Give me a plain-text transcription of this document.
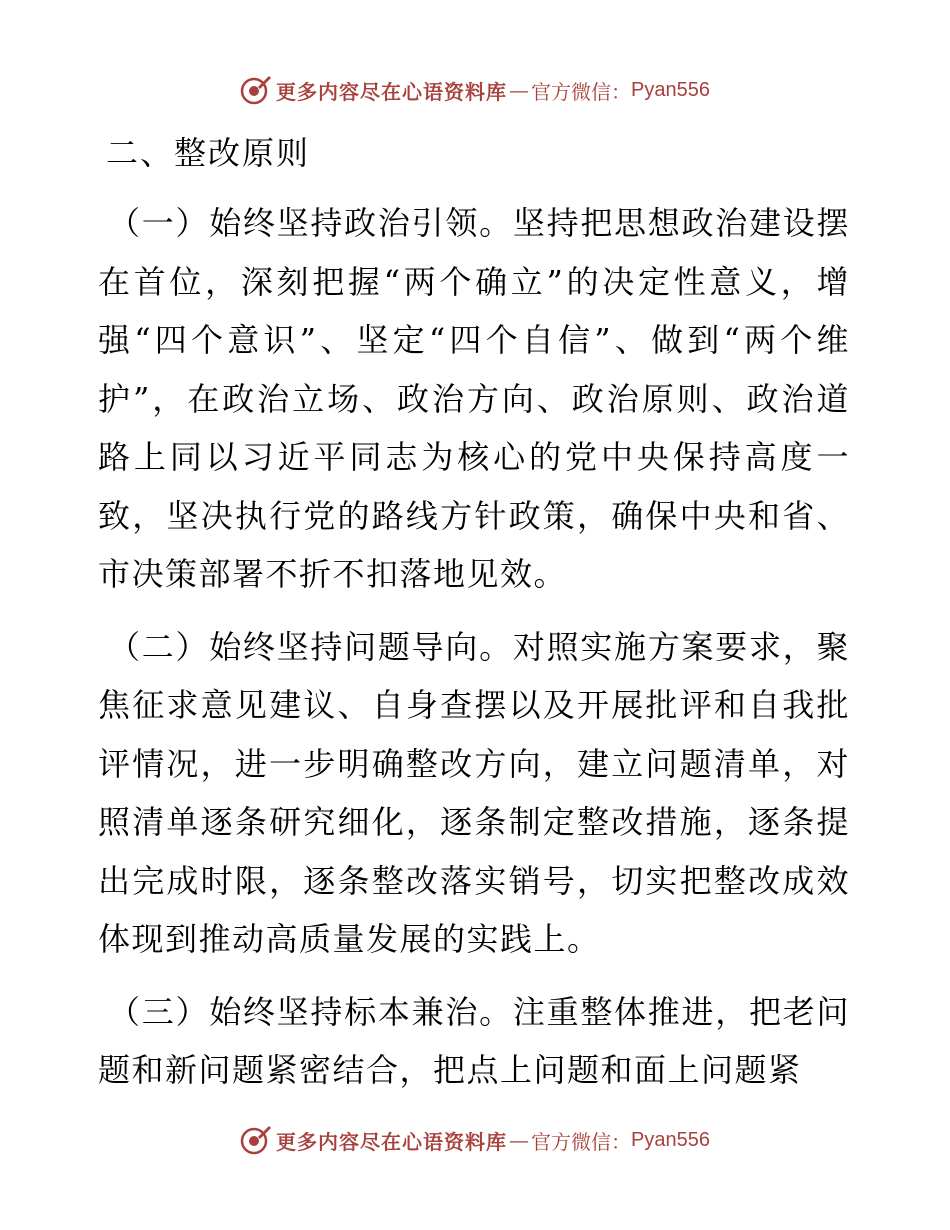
更多内容尽在心语资料库 — 官方微信： Pyan556
二、整改原则

（一）始终坚持政治引领。坚持把思想政治建设摆在首位，深刻把握“两个确立”的决定性意义，增强“四个意识”、坚定“四个自信”、做到“两个维护”，在政治立场、政治方向、政治原则、政治道路上同以习近平同志为核心的党中央保持高度一致，坚决执行党的路线方针政策，确保中央和省、市决策部署不折不扣落地见效。

（二）始终坚持问题导向。对照实施方案要求，聚焦征求意见建议、自身查摆以及开展批评和自我批评情况，进一步明确整改方向，建立问题清单，对照清单逐条研究细化，逐条制定整改措施，逐条提出完成时限，逐条整改落实销号，切实把整改成效体现到推动高质量发展的实践上。

（三）始终坚持标本兼治。注重整体推进，把老问题和新问题紧密结合，把点上问题和面上问题紧

更多内容尽在心语资料库 — 官方微信： Pyan556
